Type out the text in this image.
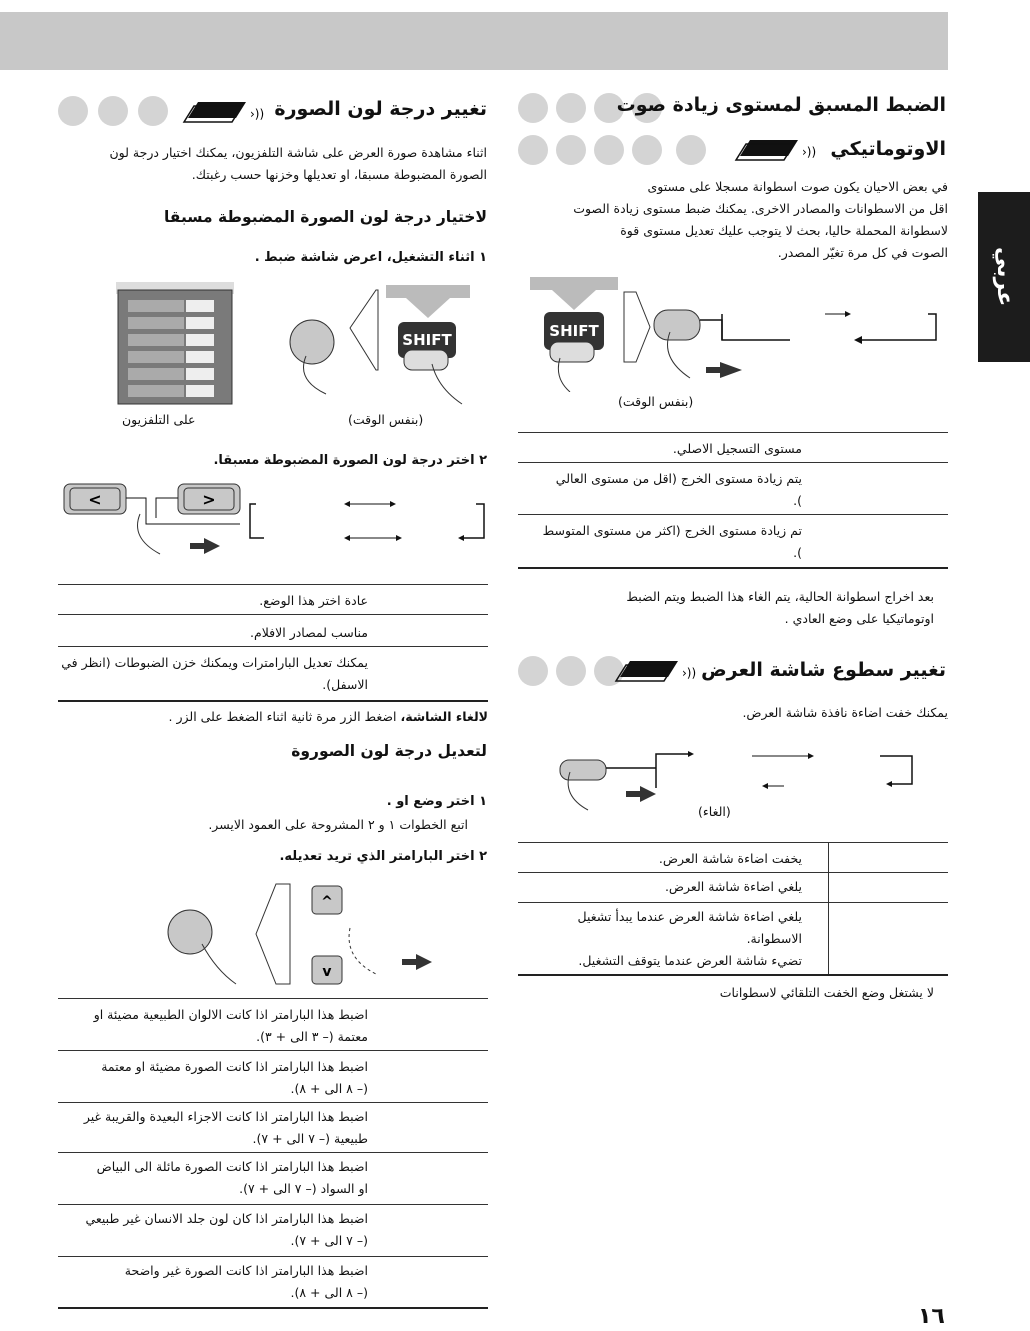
عربي
الضبط المسبق لمستوى زيادة صوت
›)) الاوتوماتيكي
في بعض الاحيان يكون صوت اسطوانة مسجلا على مستوى
اقل من الاسطوانات والمصادر الاخرى. يمكنك ضبط مستوى زيادة الصوت
لاسطوانة المحملة حاليا، بحث لا يتوجب عليك تعديل مستوى قوة
الصوت في كل مرة تغيّر المصدر.
SHIFT
(بنفس الوقت)
مستوى التسجيل الاصلي.
يتم زيادة مستوى الخرج (اقل من مستوى العالي
).
تم زيادة مستوى الخرج (اكثر من مستوى المتوسط
).
بعد اخراج اسطوانة الحالية، يتم الغاء هذا الضبط ويتم الضبط
اوتوماتيكيا على وضع العادي .
›)) تغيير سطوع شاشة العرض
يمكنك خفت اضاءة نافذة شاشة العرض.
(الغاء)
يخفت اضاءة شاشة العرض.
يلغي اضاءة شاشة العرض.
يلغي اضاءة شاشة العرض عندما يبدأ تشغيل
الاسطوانة.
تضيء شاشة العرض عندما يتوقف التشغيل.
لا يشتغل وضع الخفت التلقائي لاسطوانات
›)) تغيير درجة لون الصورة
اثناء مشاهدة صورة العرض على شاشة التلفزيون، يمكنك اختيار درجة لون
الصورة المضبوطة مسبقا، او تعديلها وخزنها حسب رغبتك.
لاختيار درجة لون الصورة المضبوطة مسبقا
١ اثناء التشغيل، اعرض شاشة ضبط .
SHIFT
(بنفس الوقت)
على التلفزيون
٢ اختر درجة لون الصورة المضبوطة مسبقا.
<	>
عادة اختر هذا الوضع.
مناسب لمصادر الافلام.
يمكنك تعديل البارامترات ويمكنك خزن الضبوطات (انظر في
الاسفل).
لالغاء الشاشة، اضغط الزر مرة ثانية اثناء الضغط على الزر .
لتعديل درجة لون الصوروة
١ اختر وضع او .
اتبع الخطوات ١ و ٢ المشروحة على العمود الايسر.
٢ اختر البارامتر الذي تريد تعديله.
^
v
اضبط هذا البارامتر اذا كانت الالوان الطبيعية مضيئة او
معتمة (– ٣ الى + ٣).
اضبط هذا البارامتر اذا كانت الصورة مضيئة او معتمة
(– ٨ الى + ٨).
اضبط هذا البارامتر اذا كانت الاجزاء البعيدة والقريبة غير
طبيعية (– ٧ الى + ٧).
اضبط هذا البارامتر اذا كانت الصورة مائلة الى البياض
او السواد (– ٧ الى + ٧).
اضبط هذا البارامتر اذا كان لون جلد الانسان غير طبيعي
(– ٧ الى + ٧).
اضبط هذا البارامتر اذا كانت الصورة غير واضحة
(– ٨ الى + ٨).
١٦
